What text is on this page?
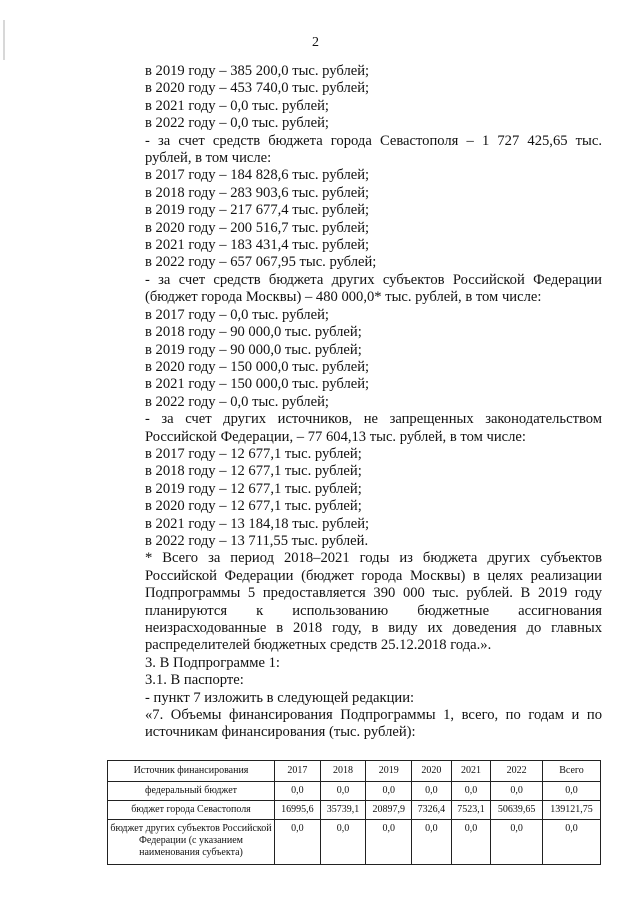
2
в 2019 году – 385 200,0 тыс. рублей;
в 2020 году – 453 740,0 тыс. рублей;
в 2021 году – 0,0 тыс. рублей;
в 2022 году – 0,0 тыс. рублей;
- за счет средств бюджета города Севастополя – 1 727 425,65 тыс. рублей, в том числе:
в 2017 году – 184 828,6 тыс. рублей;
в 2018 году – 283 903,6 тыс. рублей;
в 2019 году – 217 677,4 тыс. рублей;
в 2020 году – 200 516,7 тыс. рублей;
в 2021 году – 183 431,4 тыс. рублей;
в 2022 году – 657 067,95 тыс. рублей;
- за счет средств бюджета других субъектов Российской Федерации (бюджет города Москвы) – 480 000,0* тыс. рублей, в том числе:
в 2017 году – 0,0 тыс. рублей;
в 2018 году – 90 000,0 тыс. рублей;
в 2019 году – 90 000,0 тыс. рублей;
в 2020 году – 150 000,0 тыс. рублей;
в 2021 году – 150 000,0 тыс. рублей;
в 2022 году – 0,0 тыс. рублей;
- за счет других источников, не запрещенных законодательством Российской Федерации, – 77 604,13 тыс. рублей, в том числе:
в 2017 году – 12 677,1 тыс. рублей;
в 2018 году – 12 677,1 тыс. рублей;
в 2019 году – 12 677,1 тыс. рублей;
в 2020 году – 12 677,1 тыс. рублей;
в 2021 году – 13 184,18 тыс. рублей;
в 2022 году – 13 711,55 тыс. рублей.
* Всего за период 2018–2021 годы из бюджета других субъектов Российской Федерации (бюджет города Москвы) в целях реализации Подпрограммы 5 предоставляется 390 000 тыс. рублей. В 2019 году планируются к использованию бюджетные ассигнования неизрасходованные в 2018 году, в виду их доведения до главных распределителей бюджетных средств 25.12.2018 года.».
3. В Подпрограмме 1:
3.1. В паспорте:
- пункт 7 изложить в следующей редакции:
«7. Объемы финансирования Подпрограммы 1, всего, по годам и по источникам финансирования (тыс. рублей):
Источник финансирования	2017	2018	2019	2020	2021	2022	Всего
федеральный бюджет	0,0	0,0	0,0	0,0	0,0	0,0	0,0
бюджет города Севастополя	16995,6	35739,1	20897,9	7326,4	7523,1	50639,65	139121,75
бюджет других субъектов Российской Федерации (с указанием наименования субъекта)	0,0	0,0	0,0	0,0	0,0	0,0	0,0
